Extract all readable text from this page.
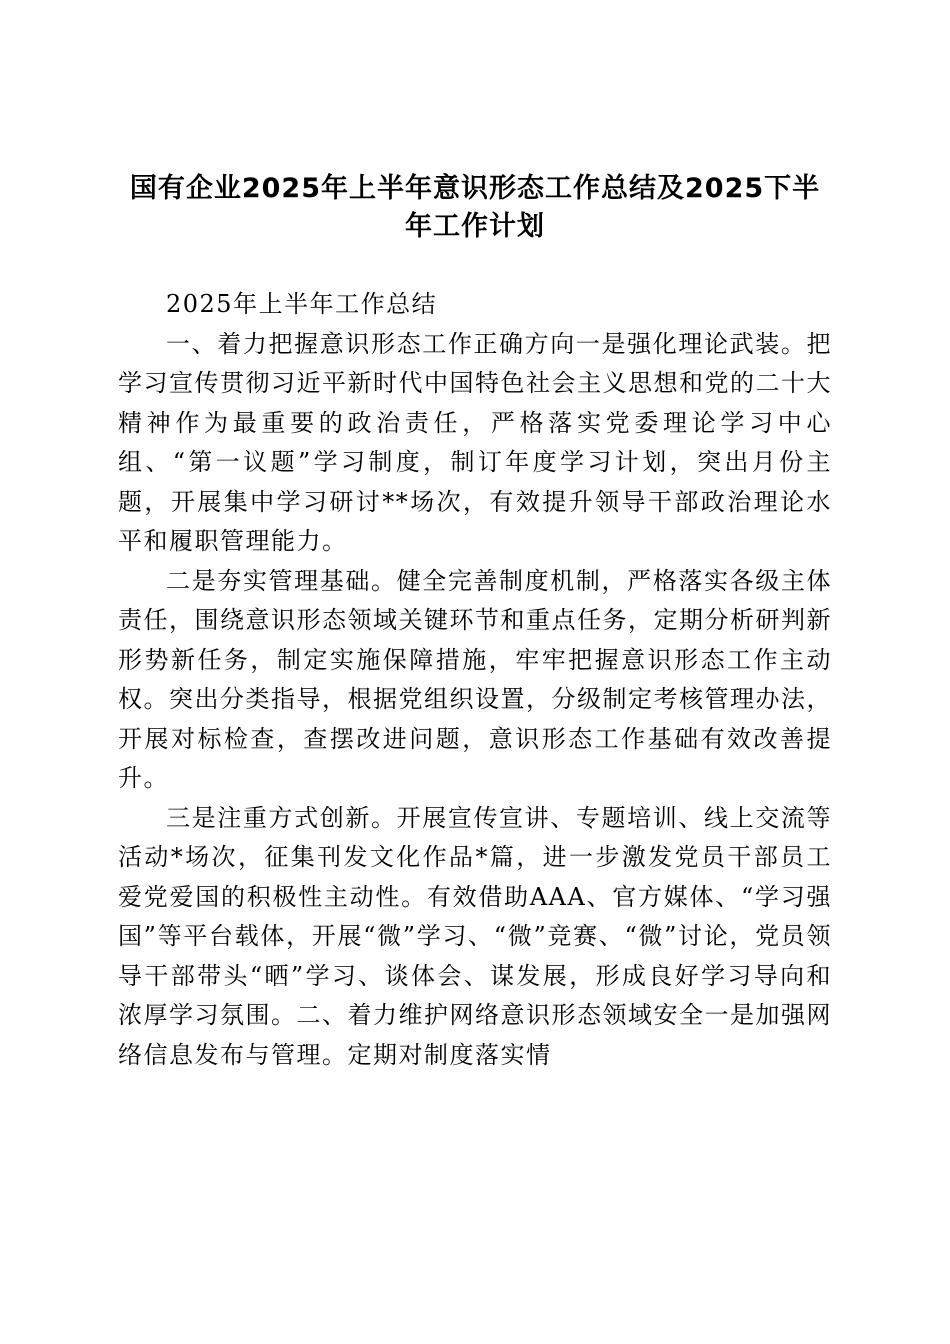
国有企业2025年上半年意识形态工作总结及2025下半年工作计划

2025年上半年工作总结

一、着力把握意识形态工作正确方向一是强化理论武装。把学习宣传贯彻习近平新时代中国特色社会主义思想和党的二十大精神作为最重要的政治责任，严格落实党委理论学习中心组、“第一议题”学习制度，制订年度学习计划，突出月份主题，开展集中学习研讨**场次，有效提升领导干部政治理论水平和履职管理能力。

二是夯实管理基础。健全完善制度机制，严格落实各级主体责任，围绕意识形态领域关键环节和重点任务，定期分析研判新形势新任务，制定实施保障措施，牢牢把握意识形态工作主动权。突出分类指导，根据党组织设置，分级制定考核管理办法，开展对标检查，查摆改进问题，意识形态工作基础有效改善提升。

三是注重方式创新。开展宣传宣讲、专题培训、线上交流等活动*场次，征集刊发文化作品*篇，进一步激发党员干部员工爱党爱国的积极性主动性。有效借助AAA、官方媒体、“学习强国”等平台载体，开展“微”学习、“微”竞赛、“微”讨论，党员领导干部带头“晒”学习、谈体会、谋发展，形成良好学习导向和浓厚学习氛围。二、着力维护网络意识形态领域安全一是加强网络信息发布与管理。定期对制度落实情
